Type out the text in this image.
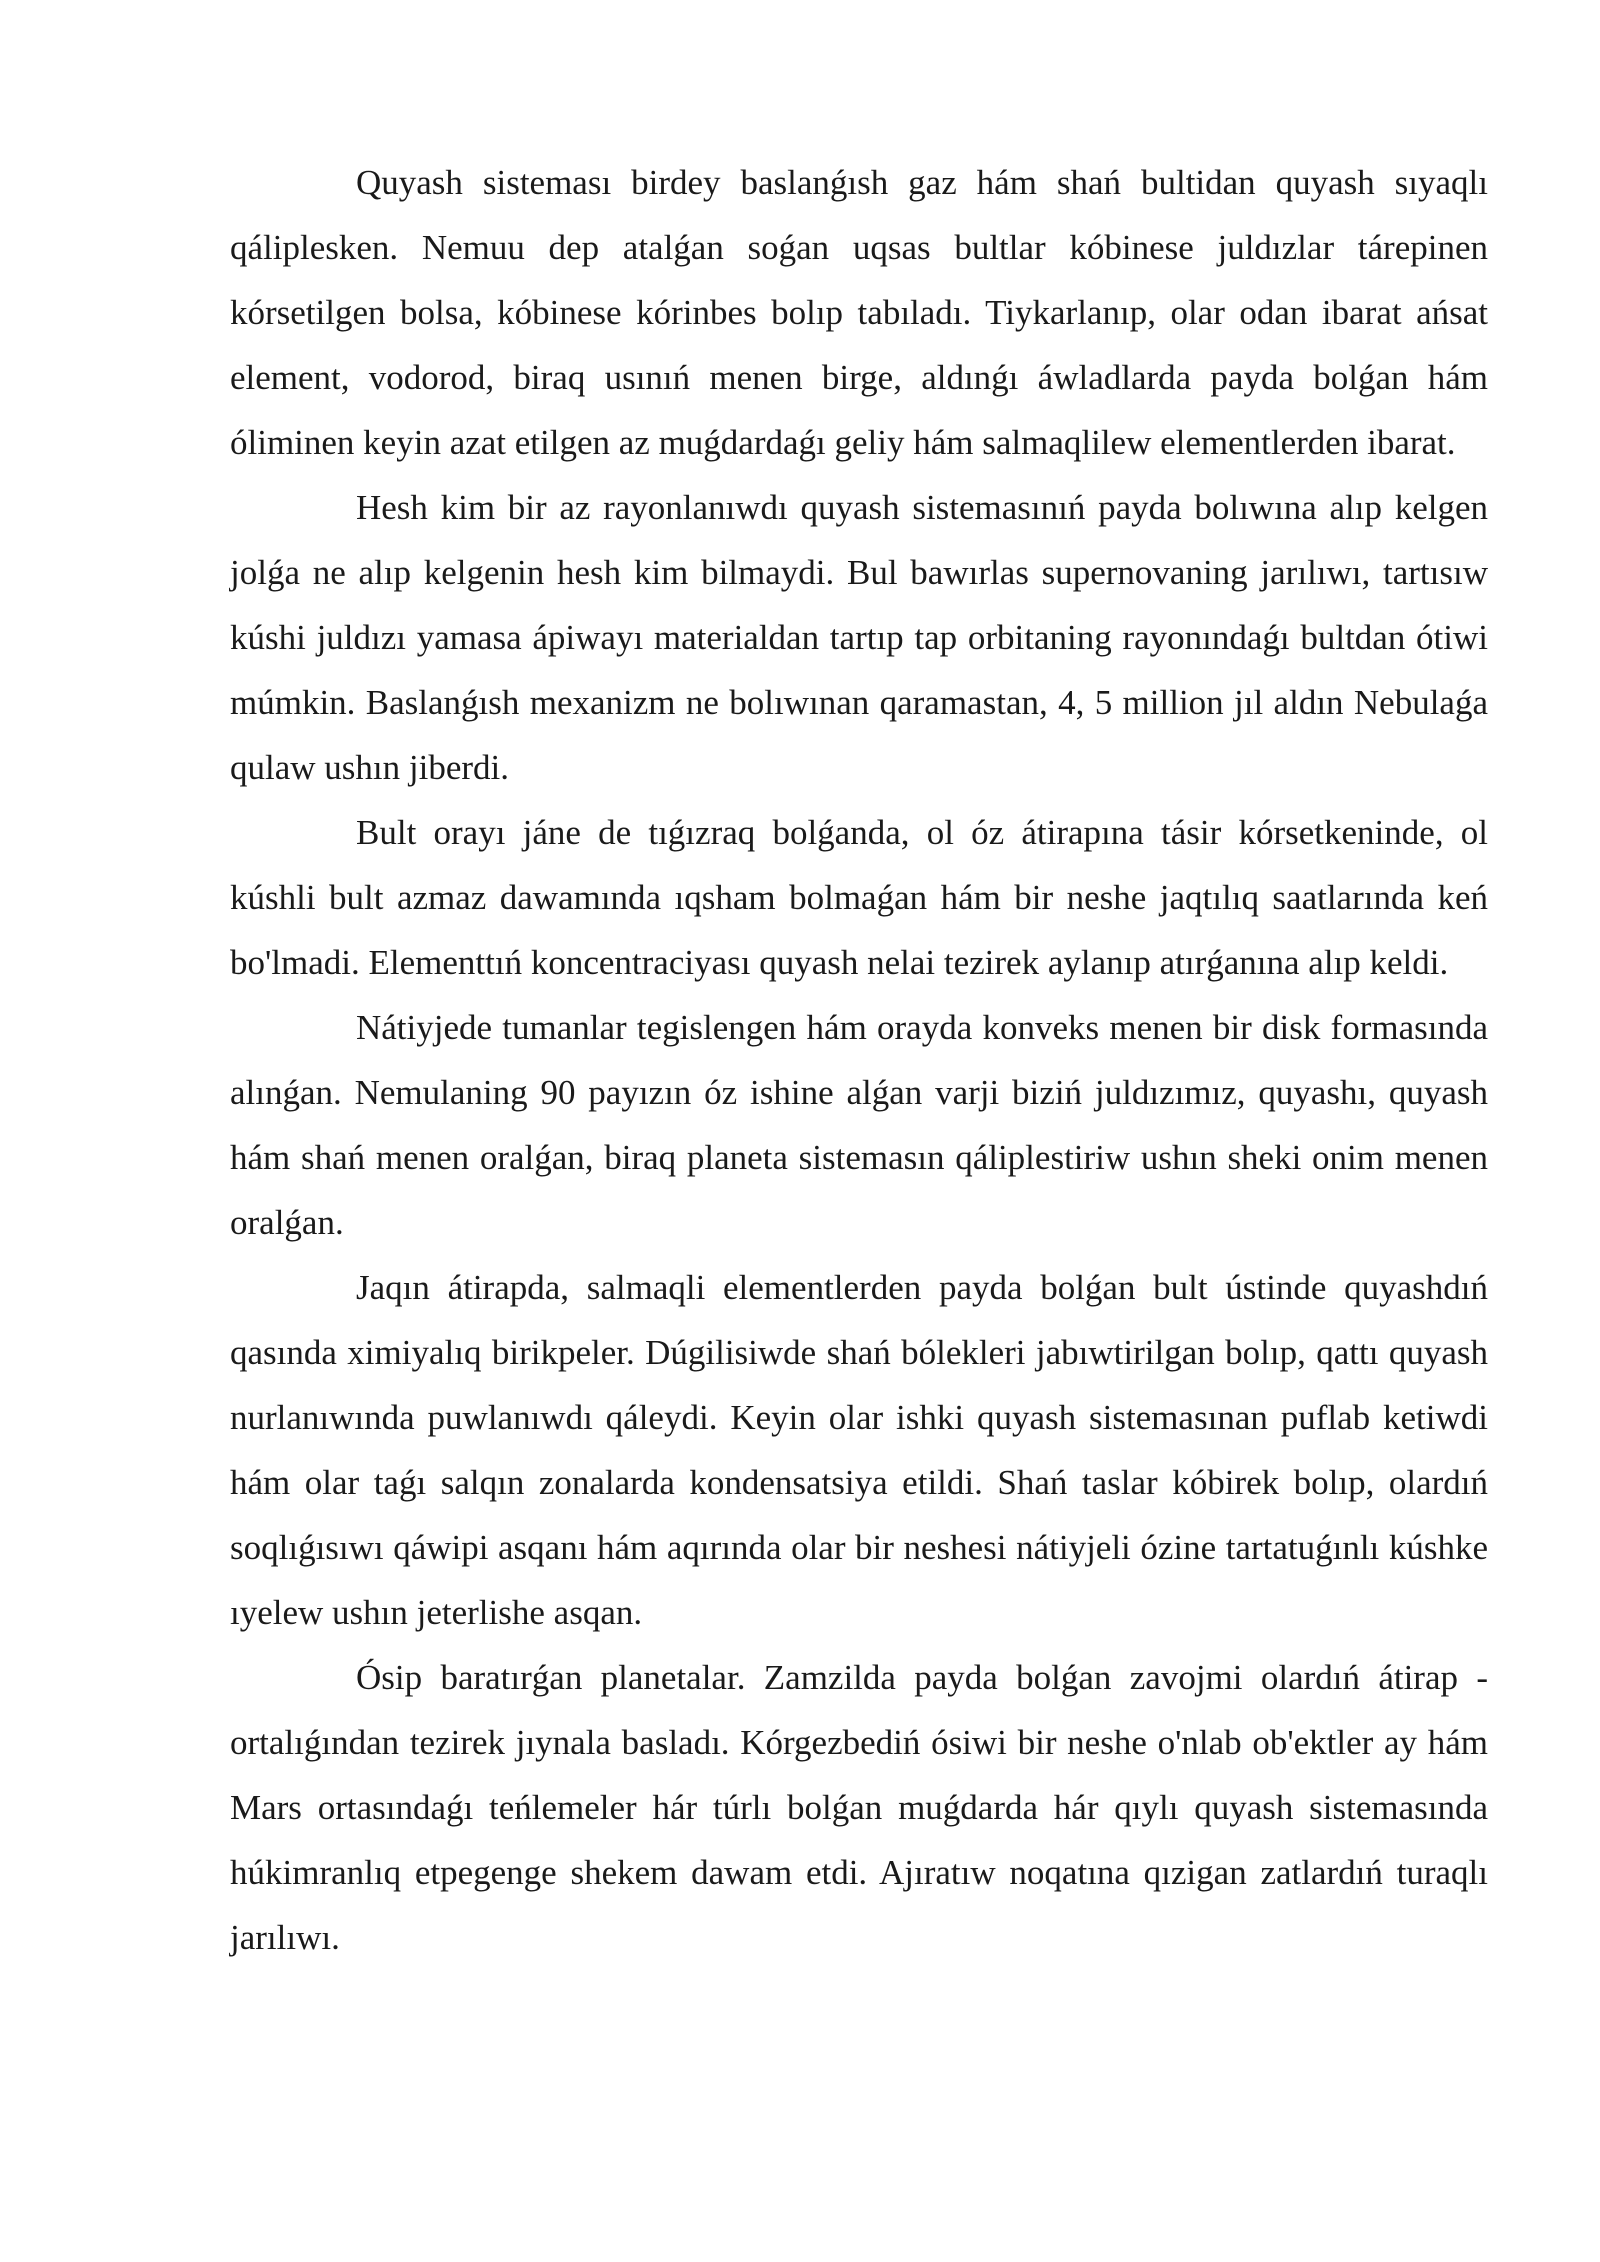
Quyash sisteması birdey baslanǵısh gaz hám shań bultidan quyash sıyaqlı qáliplesken. Nemuu dep atalǵan soǵan uqsas bultlar kóbinese juldızlar tárepinen kórsetilgen bolsa, kóbinese kórinbes bolıp tabıladı. Tiykarlanıp, olar odan ibarat ańsat element, vodorod, biraq usınıń menen birge, aldınǵı áwladlarda payda bolǵan hám óliminen keyin azat etilgen az muǵdardaǵı geliy hám salmaqlilew elementlerden ibarat.

Hesh kim bir az rayonlanıwdı quyash sistemasınıń payda bolıwına alıp kelgen jolǵa ne alıp kelgenin hesh kim bilmaydi. Bul bawırlas supernovaning jarılıwı, tartısıw kúshi juldızı yamasa ápiwayı materialdan tartıp tap orbitaning rayonındaǵı bultdan ótiwi múmkin. Baslanǵısh mexanizm ne bolıwınan qaramastan, 4, 5 million jıl aldın Nebulaǵa qulaw ushın jiberdi.

Bult orayı jáne de tıǵızraq bolǵanda, ol óz átirapına tásir kórsetkeninde, ol kúshli bult azmaz dawamında ıqsham bolmaǵan hám bir neshe jaqtılıq saatlarında keń bo'lmadi. Elementtıń koncentraciyası quyash nelai tezirek aylanıp atırǵanına alıp keldi.

Nátiyjede tumanlar tegislengen hám orayda konveks menen bir disk formasında alınǵan. Nemulaning 90 payızın óz ishine alǵan varji biziń juldızımız, quyashı, quyash hám shań menen oralǵan, biraq planeta sistemasın qáliplestiriw ushın sheki onim menen oralǵan.

Jaqın átirapda, salmaqli elementlerden payda bolǵan bult ústinde quyashdıń qasında ximiyalıq birikpeler. Dúgilisiwde shań bólekleri jabıwtirilgan bolıp, qattı quyash nurlanıwında puwlanıwdı qáleydi. Keyin olar ishki quyash sistemasınan puflab ketiwdi hám olar taǵı salqın zonalarda kondensatsiya etildi. Shań taslar kóbirek bolıp, olardıń soqlıǵısıwı qáwipi asqanı hám aqırında olar bir neshesi nátiyjeli ózine tartatuǵınlı kúshke ıyelew ushın jeterlishe asqan.

Ósip baratırǵan planetalar. Zamzilda payda bolǵan zavojmi olardıń átirap - ortalıǵından tezirek jıynala basladı. Kórgezbediń ósiwi bir neshe o'nlab ob'ektler ay hám Mars ortasındaǵı teńlemeler hár túrlı bolǵan muǵdarda hár qıylı quyash sistemasında húkimranlıq etpegenge shekem dawam etdi. Ajıratıw noqatına qızigan zatlardıń turaqlı jarılıwı.
